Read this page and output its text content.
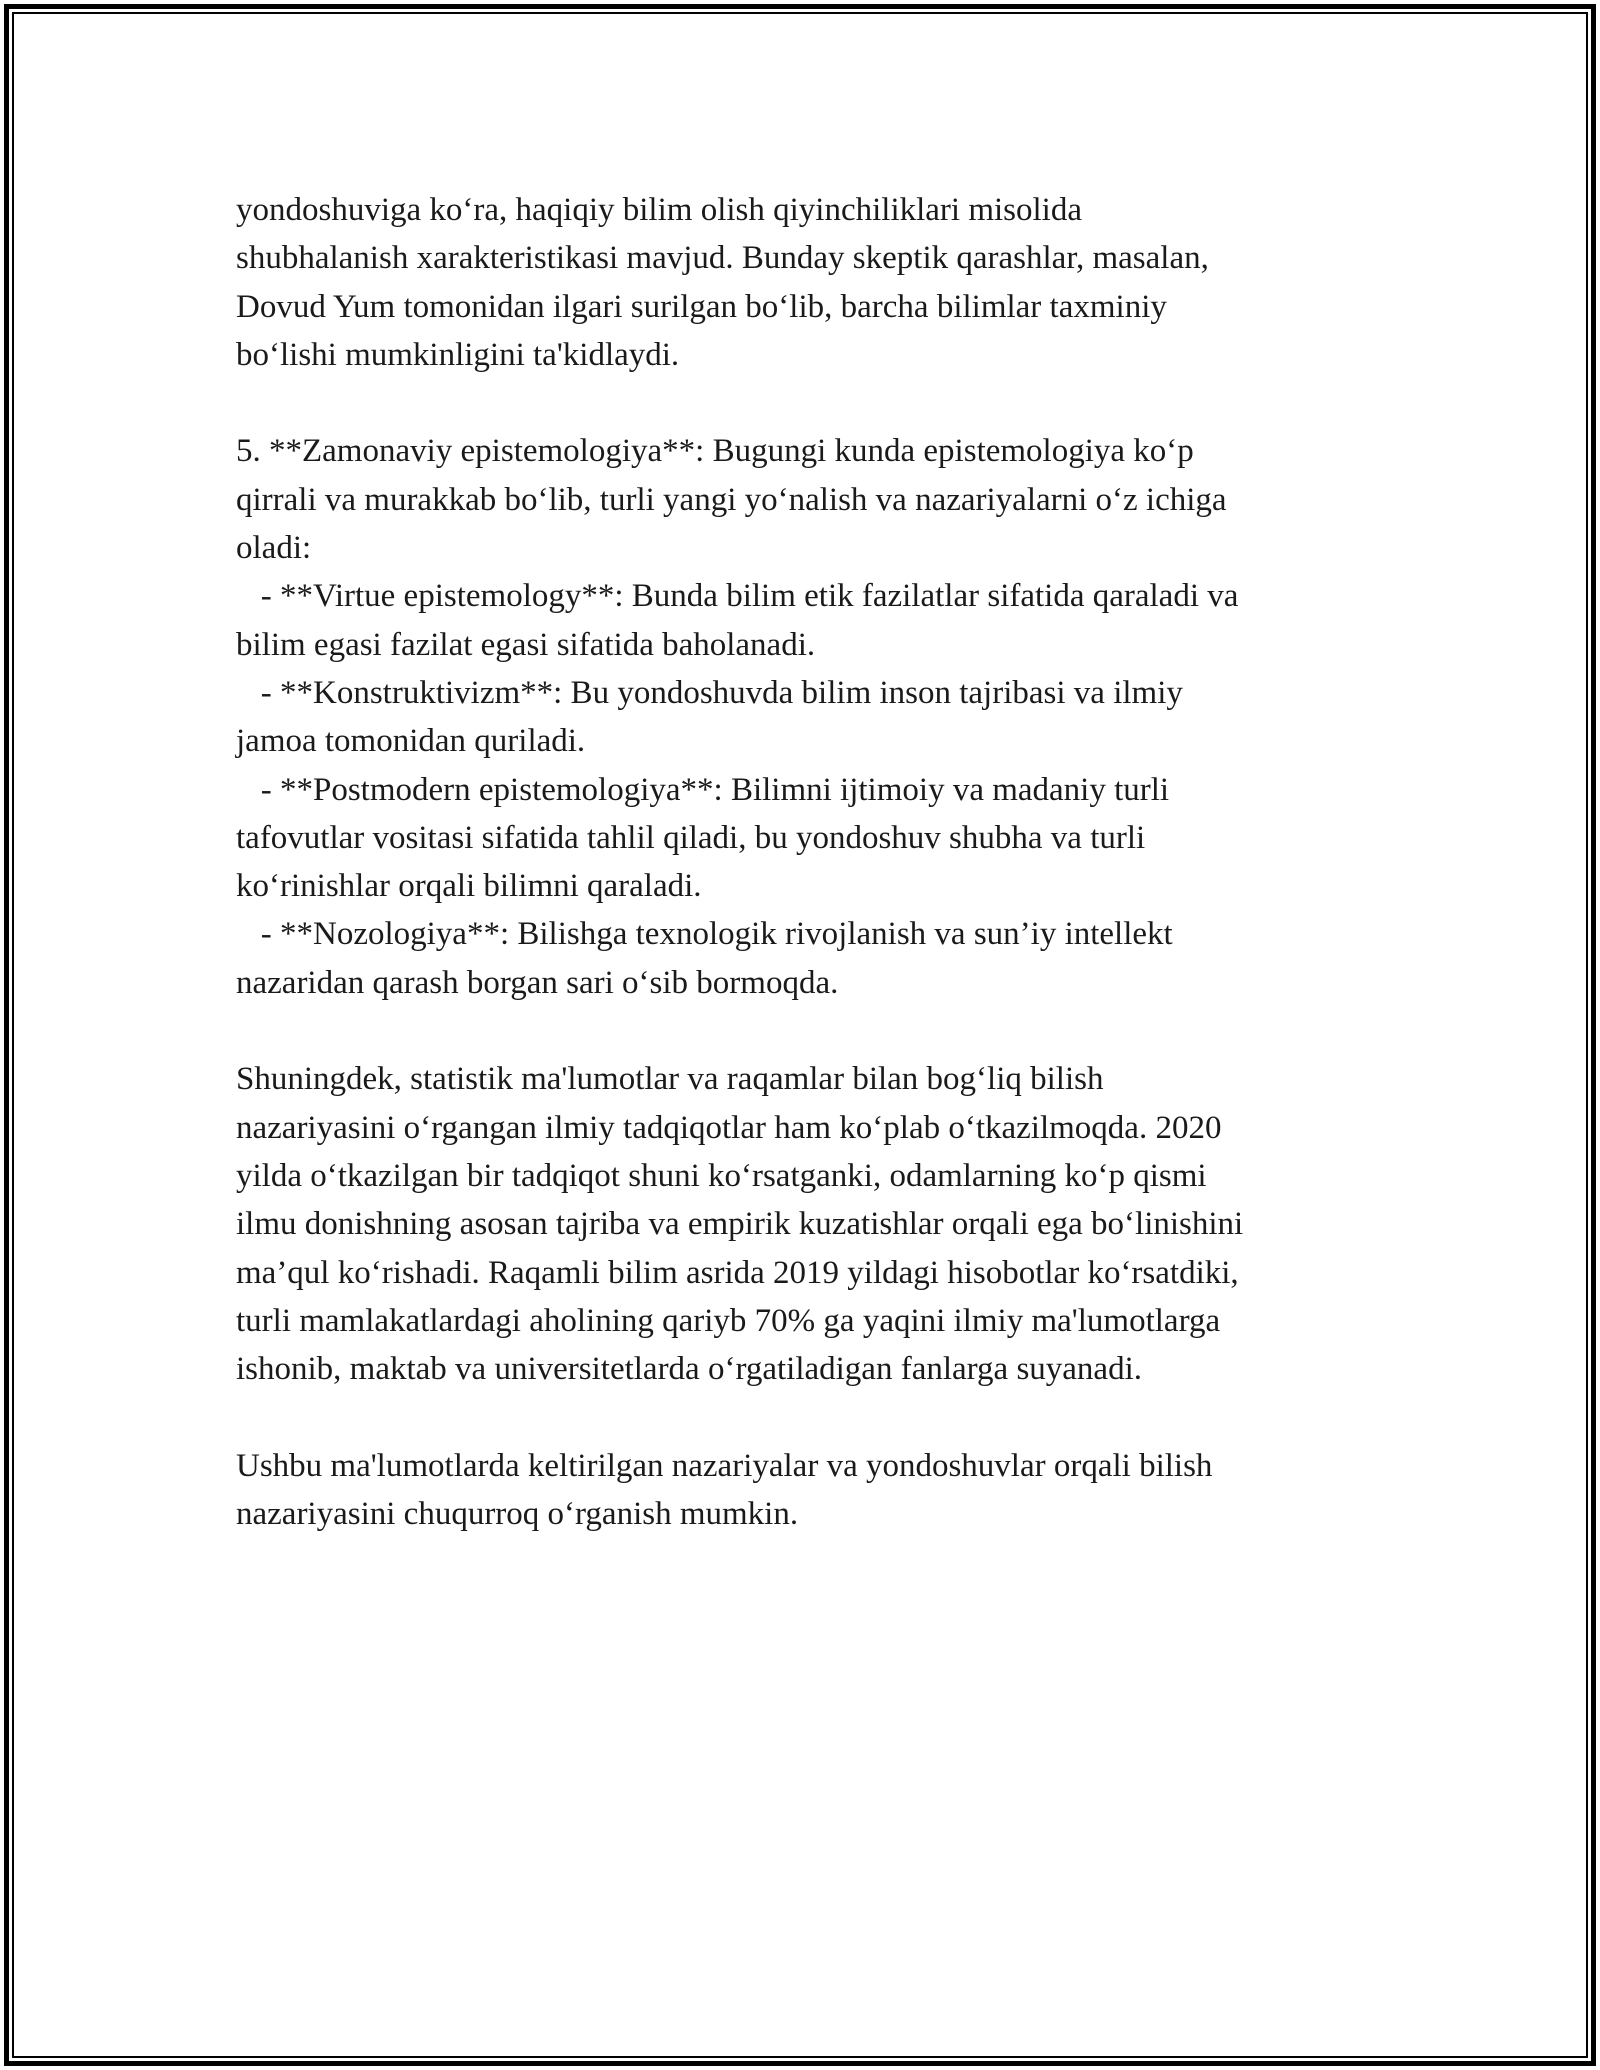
yondoshuviga ko‘ra, haqiqiy bilim olish qiyinchiliklari misolida
shubhalanish xarakteristikasi mavjud. Bunday skeptik qarashlar, masalan,
Dovud Yum tomonidan ilgari surilgan bo‘lib, barcha bilimlar taxminiy
bo‘lishi mumkinligini ta'kidlaydi.

5. **Zamonaviy epistemologiya**: Bugungi kunda epistemologiya ko‘p
qirrali va murakkab bo‘lib, turli yangi yo‘nalish va nazariyalarni o‘z ichiga
oladi:
- **Virtue epistemology**: Bunda bilim etik fazilatlar sifatida qaraladi va
bilim egasi fazilat egasi sifatida baholanadi.
- **Konstruktivizm**: Bu yondoshuvda bilim inson tajribasi va ilmiy
jamoa tomonidan quriladi.
- **Postmodern epistemologiya**: Bilimni ijtimoiy va madaniy turli
tafovutlar vositasi sifatida tahlil qiladi, bu yondoshuv shubha va turli
ko‘rinishlar orqali bilimni qaraladi.
- **Nozologiya**: Bilishga texnologik rivojlanish va sun’iy intellekt
nazaridan qarash borgan sari o‘sib bormoqda.

Shuningdek, statistik ma'lumotlar va raqamlar bilan bog‘liq bilish
nazariyasini o‘rgangan ilmiy tadqiqotlar ham ko‘plab o‘tkazilmoqda. 2020
yilda o‘tkazilgan bir tadqiqot shuni ko‘rsatganki, odamlarning ko‘p qismi
ilmu donishning asosan tajriba va empirik kuzatishlar orqali ega bo‘linishini
ma’qul ko‘rishadi. Raqamli bilim asrida 2019 yildagi hisobotlar ko‘rsatdiki,
turli mamlakatlardagi aholining qariyb 70% ga yaqini ilmiy ma'lumotlarga
ishonib, maktab va universitetlarda o‘rgatiladigan fanlarga suyanadi.

Ushbu ma'lumotlarda keltirilgan nazariyalar va yondoshuvlar orqali bilish
nazariyasini chuqurroq o‘rganish mumkin.
